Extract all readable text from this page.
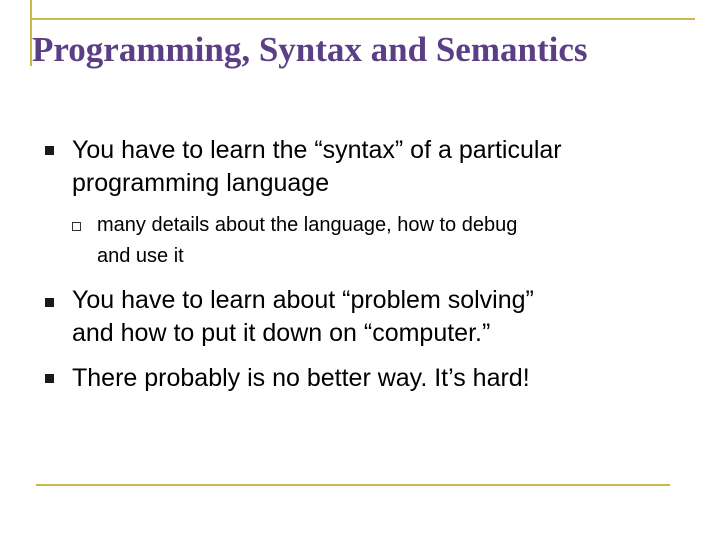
Programming, Syntax and Semantics
You have to learn the “syntax” of a particular
programming language
many details about the language, how to debug
and use it
You have to learn about “problem solving”
and how to put it down on “computer.”
There probably is no better way. It’s hard!
